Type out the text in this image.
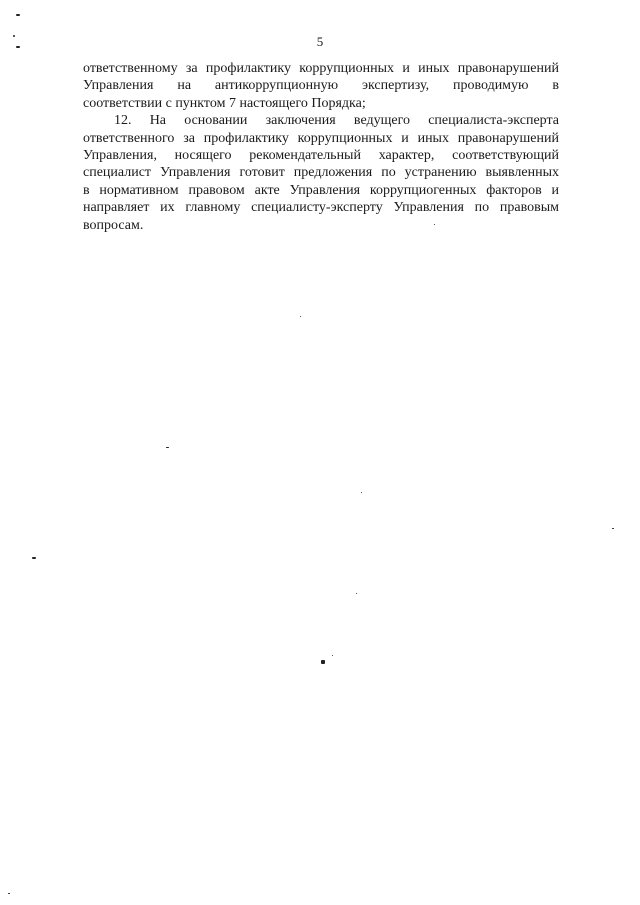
5
ответственному за профилактику коррупционных и иных правонарушений
Управления на антикоррупционную экспертизу, проводимую в
соответствии с пунктом 7 настоящего Порядка;
12. На основании заключения ведущего специалиста-эксперта
ответственного за профилактику коррупционных и иных правонарушений
Управления, носящего рекомендательный характер, соответствующий
специалист Управления готовит предложения по устранению выявленных
в нормативном правовом акте Управления коррупциогенных факторов и
направляет их главному специалисту-эксперту Управления по правовым
вопросам.
